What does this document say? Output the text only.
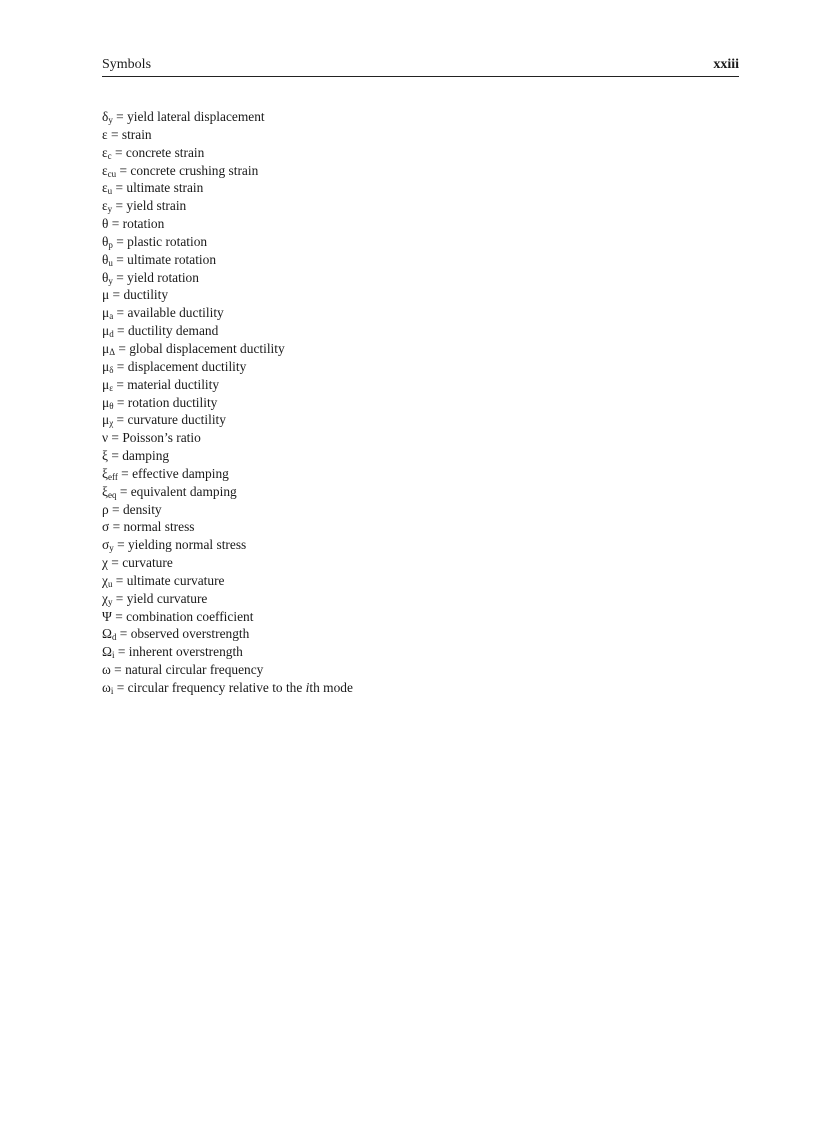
Symbols	xxiii
δy = yield lateral displacement
ε = strain
εc = concrete strain
εcu = concrete crushing strain
εu = ultimate strain
εy = yield strain
θ = rotation
θp = plastic rotation
θu = ultimate rotation
θy = yield rotation
μ = ductility
μa = available ductility
μd = ductility demand
μΔ = global displacement ductility
μδ = displacement ductility
με = material ductility
μθ = rotation ductility
μχ = curvature ductility
ν = Poisson’s ratio
ξ = damping
ξeff = effective damping
ξeq = equivalent damping
ρ = density
σ = normal stress
σy = yielding normal stress
χ = curvature
χu = ultimate curvature
χy = yield curvature
Ψ = combination coefficient
Ωd = observed overstrength
Ωi = inherent overstrength
ω = natural circular frequency
ωi = circular frequency relative to the ith mode
